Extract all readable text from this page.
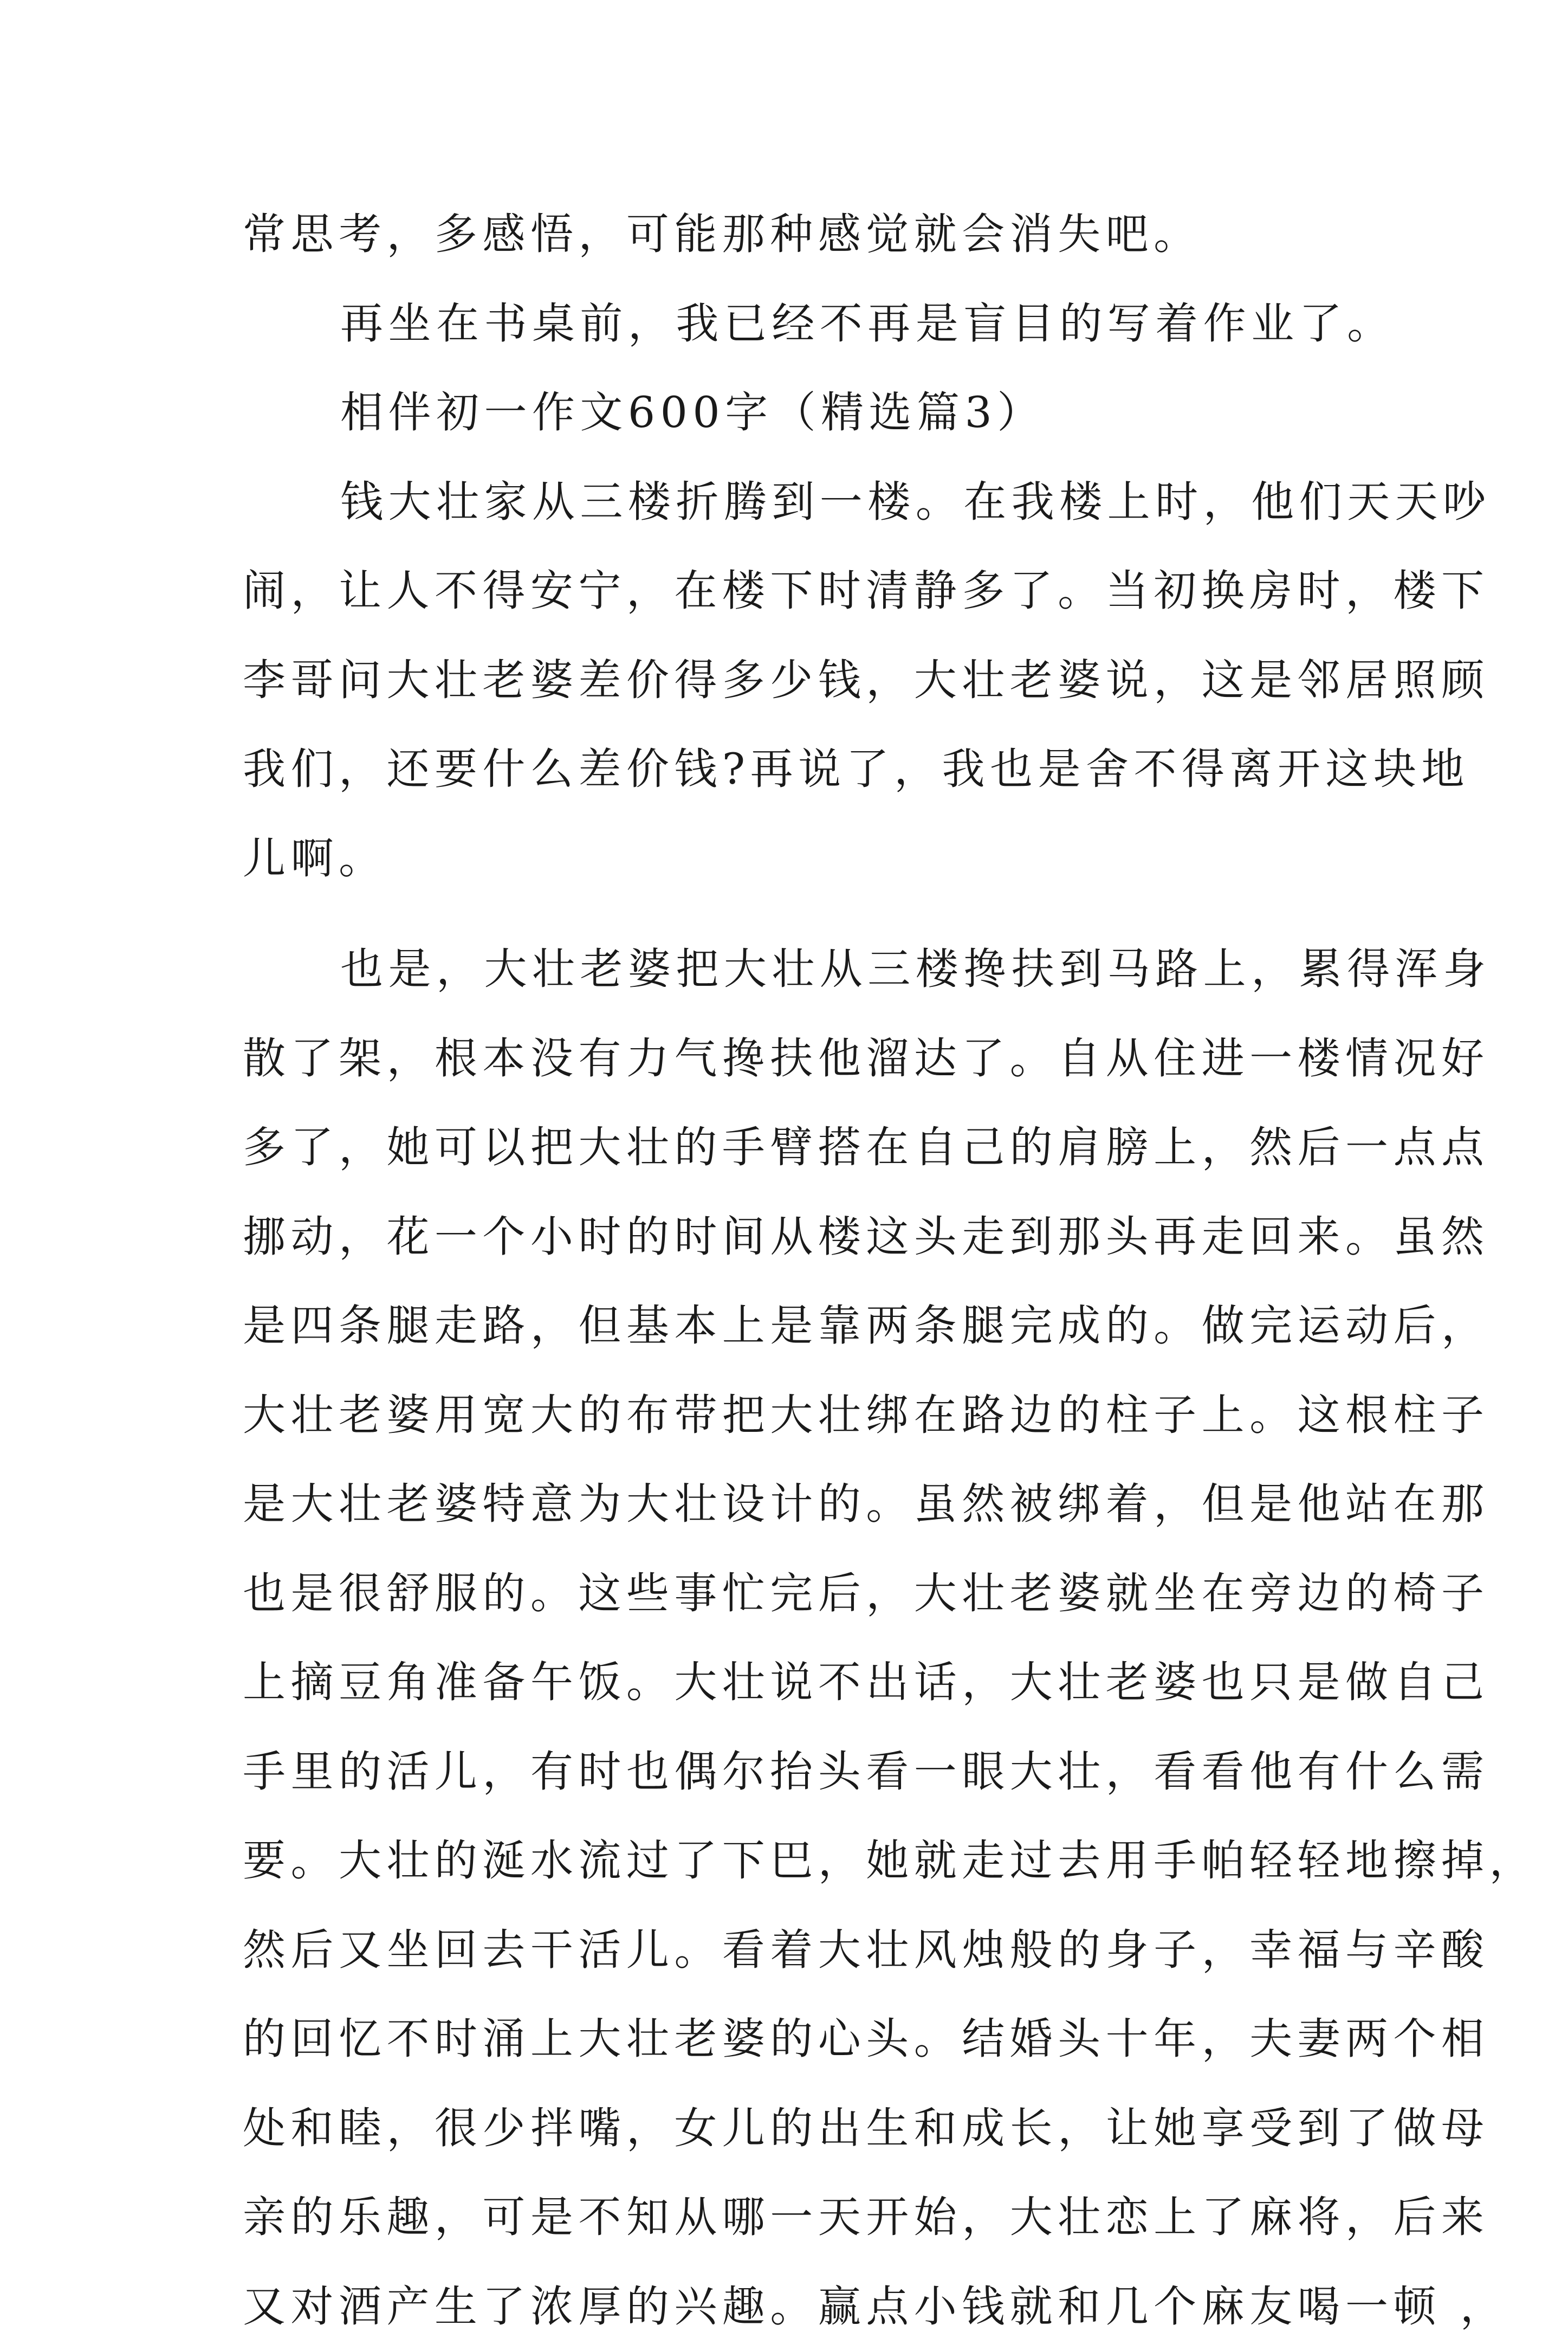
常思考，多感悟，可能那种感觉就会消失吧。
再坐在书桌前，我已经不再是盲目的写着作业了。
相伴初一作文600字（精选篇3）
钱大壮家从三楼折腾到一楼。在我楼上时，他们天天吵
闹，让人不得安宁，在楼下时清静多了。当初换房时，楼下
李哥问大壮老婆差价得多少钱，大壮老婆说，这是邻居照顾
我们，还要什么差价钱?再说了，我也是舍不得离开这块地
儿啊。
也是，大壮老婆把大壮从三楼搀扶到马路上，累得浑身
散了架，根本没有力气搀扶他溜达了。自从住进一楼情况好
多了，她可以把大壮的手臂搭在自己的肩膀上，然后一点点
挪动，花一个小时的时间从楼这头走到那头再走回来。虽然
是四条腿走路，但基本上是靠两条腿完成的。做完运动后，
大壮老婆用宽大的布带把大壮绑在路边的柱子上。这根柱子
是大壮老婆特意为大壮设计的。虽然被绑着，但是他站在那
也是很舒服的。这些事忙完后，大壮老婆就坐在旁边的椅子
上摘豆角准备午饭。大壮说不出话，大壮老婆也只是做自己
手里的活儿，有时也偶尔抬头看一眼大壮，看看他有什么需
要。大壮的涎水流过了下巴，她就走过去用手帕轻轻地擦掉，
然后又坐回去干活儿。看着大壮风烛般的身子，幸福与辛酸
的回忆不时涌上大壮老婆的心头。结婚头十年，夫妻两个相
处和睦，很少拌嘴，女儿的出生和成长，让她享受到了做母
亲的乐趣，可是不知从哪一天开始，大壮恋上了麻将，后来
又对酒产生了浓厚的兴趣。赢点小钱就和几个麻友喝一顿 ，
